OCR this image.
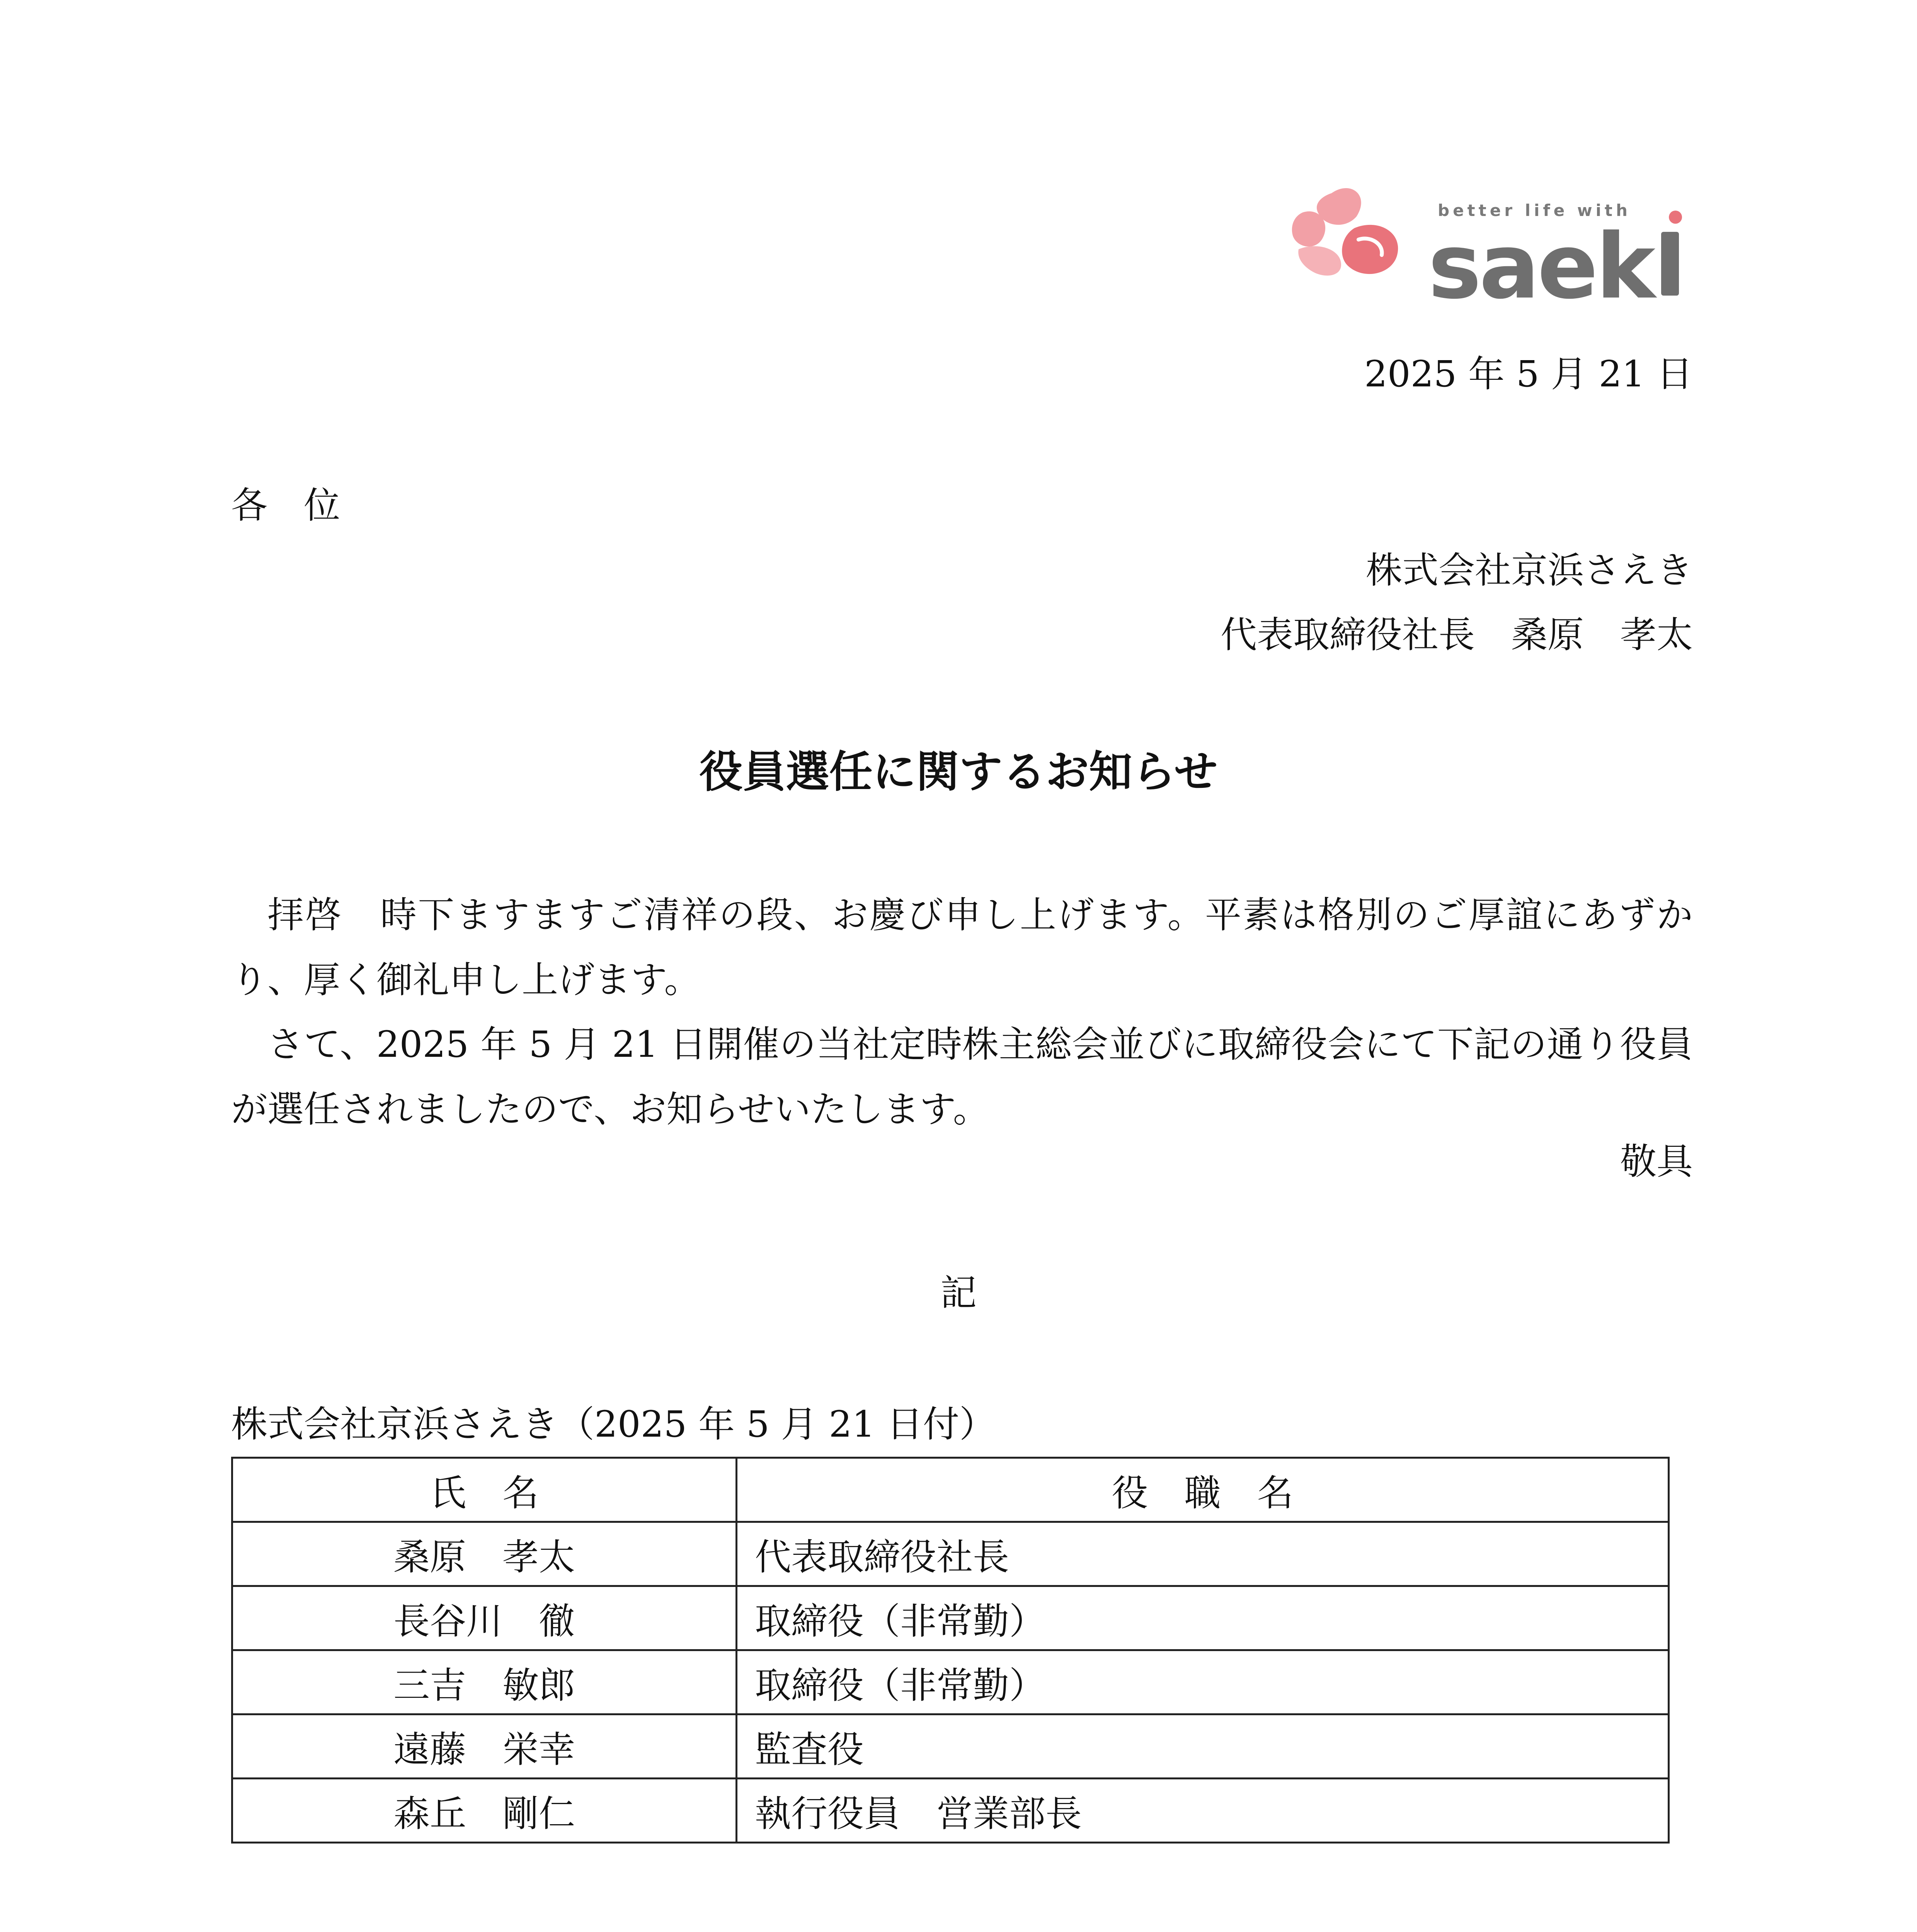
better life with
saek
2025 年 5 月 21 日
各　位
株式会社京浜さえき
代表取締役社長　桑原　孝太
役員選任に関するお知らせ
拝啓　時下ますますご清祥の段、お慶び申し上げます。平素は格別のご厚誼にあずかり、厚く御礼申し上げます。
さて、2025 年 5 月 21 日開催の当社定時株主総会並びに取締役会にて下記の通り役員が選任されましたので、お知らせいたします。
敬具
記
株式会社京浜さえき（2025 年 5 月 21 日付）
氏　名	役　職　名
桑原　孝太	代表取締役社長
長谷川　徹	取締役（非常勤）
三吉　敏郎	取締役（非常勤）
遠藤　栄幸	監査役
森丘　剛仁	執行役員　営業部長
